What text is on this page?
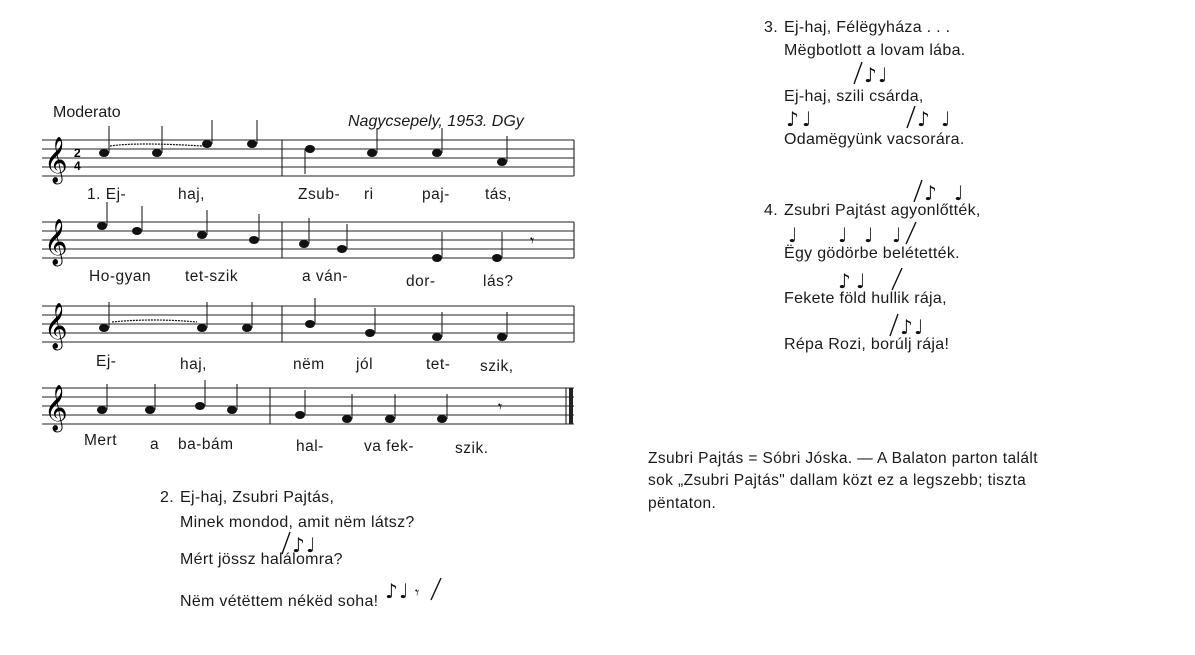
Moderato
Nagycsepely, 1953. DGy
𝄞 2
4
𝄞	𝄾
𝄞
𝄞	𝄾
1. Ej-	haj,	Zsub- ri	paj- tás,
Ho-gyan tet-szik	a ván-	dor-	lás?
Ej-	haj,	nëm jól	tet- szik,
Mert a ba-bám	hal-	va fek-	szik.
2. Ej-haj, Zsubri Pajtás,
Minek mondod, amit nëm látsz?
Mért jössz halálomra?
Nëm vétëttem nékëd soha!
♪ ♩
♪ ♩ 𝄾
3. Ej-haj, Félëgyháza . . .
Mëgbotlott a lovam lába.
Ej-haj, szili csárda,
Odamëgyünk vacsorára.
♪ ♩
♪ ♩	♪ ♩
4. Zsubri Pajtást agyonlőtték,
Ëgy gödörbe belétették.
Fekete föld hullik rája,
Répa Rozi, borúlj rája!
♪ ♩
♩ ♩ ♩ ♩
♪ ♩
♪ ♩
Zsubri Pajtás = Sóbri Jóska. — A Balaton parton talált
sok „Zsubri Pajtás" dallam közt ez a legszebb; tiszta
pëntaton.
